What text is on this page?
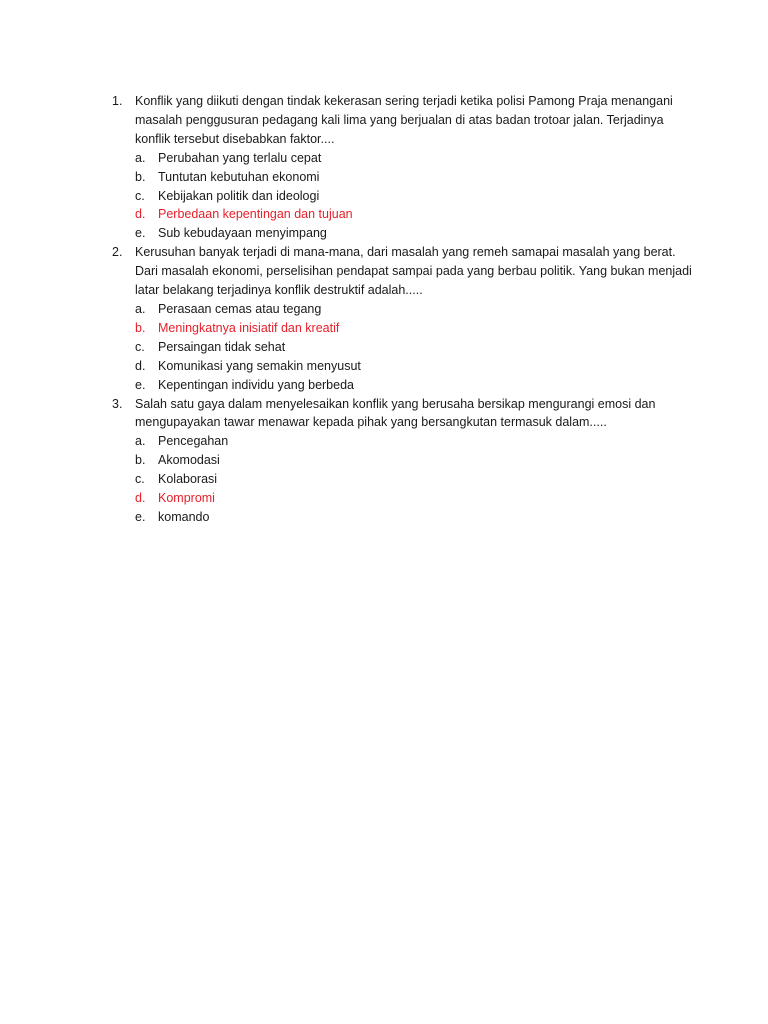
1. Konflik yang diikuti dengan tindak kekerasan sering terjadi ketika polisi Pamong Praja menangani masalah penggusuran pedagang kali lima yang berjualan di atas badan trotoar jalan. Terjadinya konflik tersebut disebabkan faktor....
a. Perubahan yang terlalu cepat
b. Tuntutan kebutuhan ekonomi
c. Kebijakan politik dan ideologi
d. Perbedaan kepentingan dan tujuan
e. Sub kebudayaan menyimpang
2. Kerusuhan banyak terjadi di mana-mana, dari masalah yang remeh samapai masalah yang berat. Dari masalah ekonomi, perselisihan pendapat sampai pada yang berbau politik. Yang bukan menjadi latar belakang terjadinya konflik destruktif adalah.....
a. Perasaan cemas atau tegang
b. Meningkatnya inisiatif dan kreatif
c. Persaingan tidak sehat
d. Komunikasi yang semakin menyusut
e. Kepentingan individu yang berbeda
3. Salah satu gaya dalam menyelesaikan konflik yang berusaha bersikap mengurangi emosi dan mengupayakan tawar menawar kepada pihak yang bersangkutan termasuk dalam.....
a. Pencegahan
b. Akomodasi
c. Kolaborasi
d. Kompromi
e. komando
